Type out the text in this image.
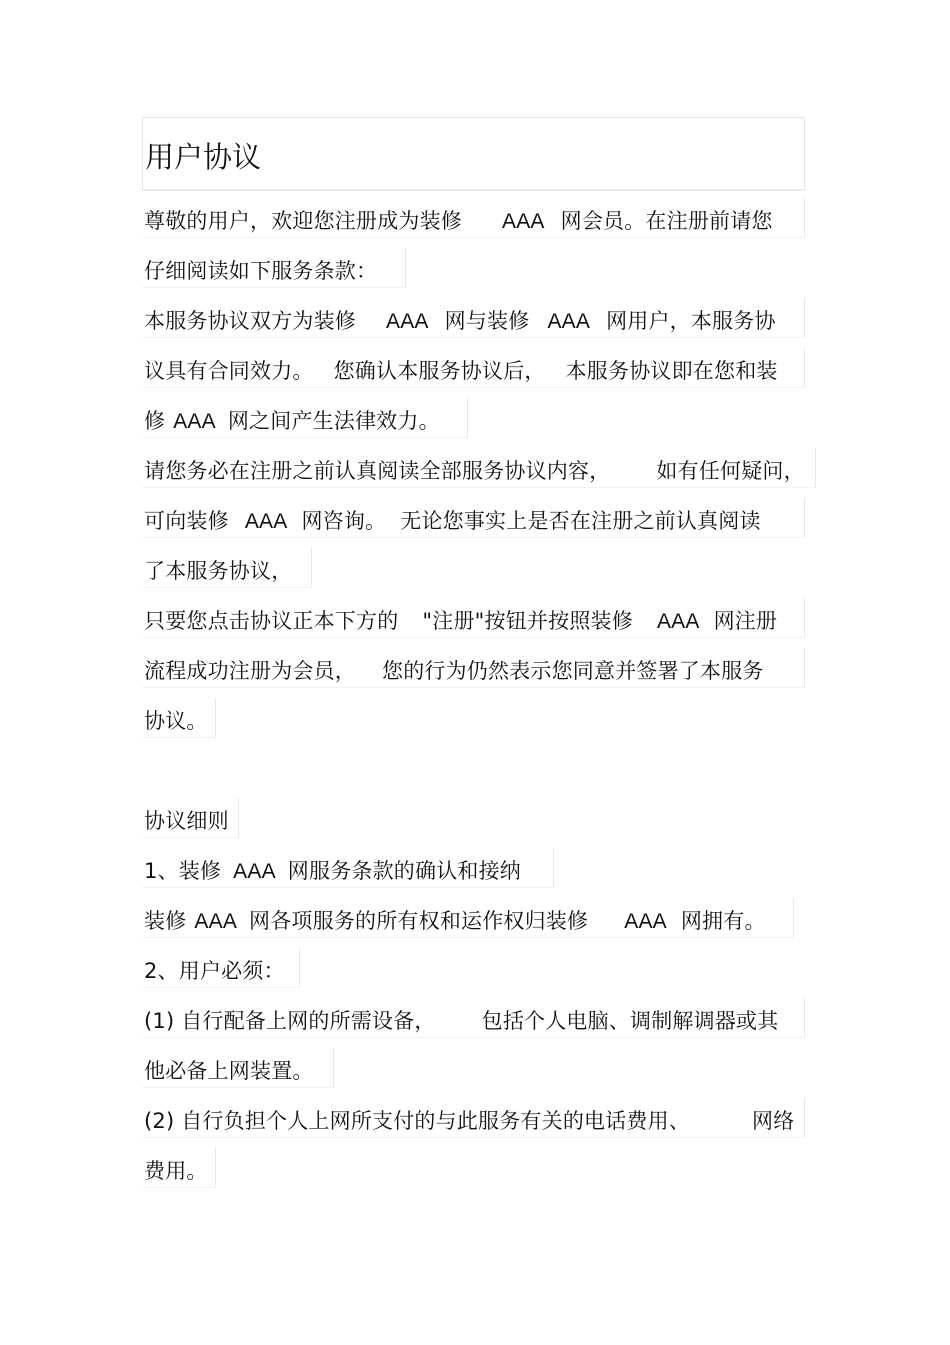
用户协议
尊敬的用户，欢迎您注册成为装修 AAA 网会员。在注册前请您
仔细阅读如下服务条款：
本服务协议双方为装修 AAA 网与装修 AAA 网用户，本服务协
议具有合同效力。 您确认本服务协议后， 本服务协议即在您和装
修 AAA 网之间产生法律效力。
请您务必在注册之前认真阅读全部服务协议内容， 如有任何疑问，
可向装修 AAA 网咨询。 无论您事实上是否在注册之前认真阅读
了本服务协议，
只要您点击协议正本下方的 "注册"按钮并按照装修 AAA 网注册
流程成功注册为会员， 您的行为仍然表示您同意并签署了本服务
协议。
协议细则
1、装修 AAA 网服务条款的确认和接纳
装修 AAA 网各项服务的所有权和运作权归装修 AAA 网拥有。
2、用户必须：
(1) 自行配备上网的所需设备， 包括个人电脑、调制解调器或其
他必备上网装置。
(2) 自行负担个人上网所支付的与此服务有关的电话费用、	网络
费用。
